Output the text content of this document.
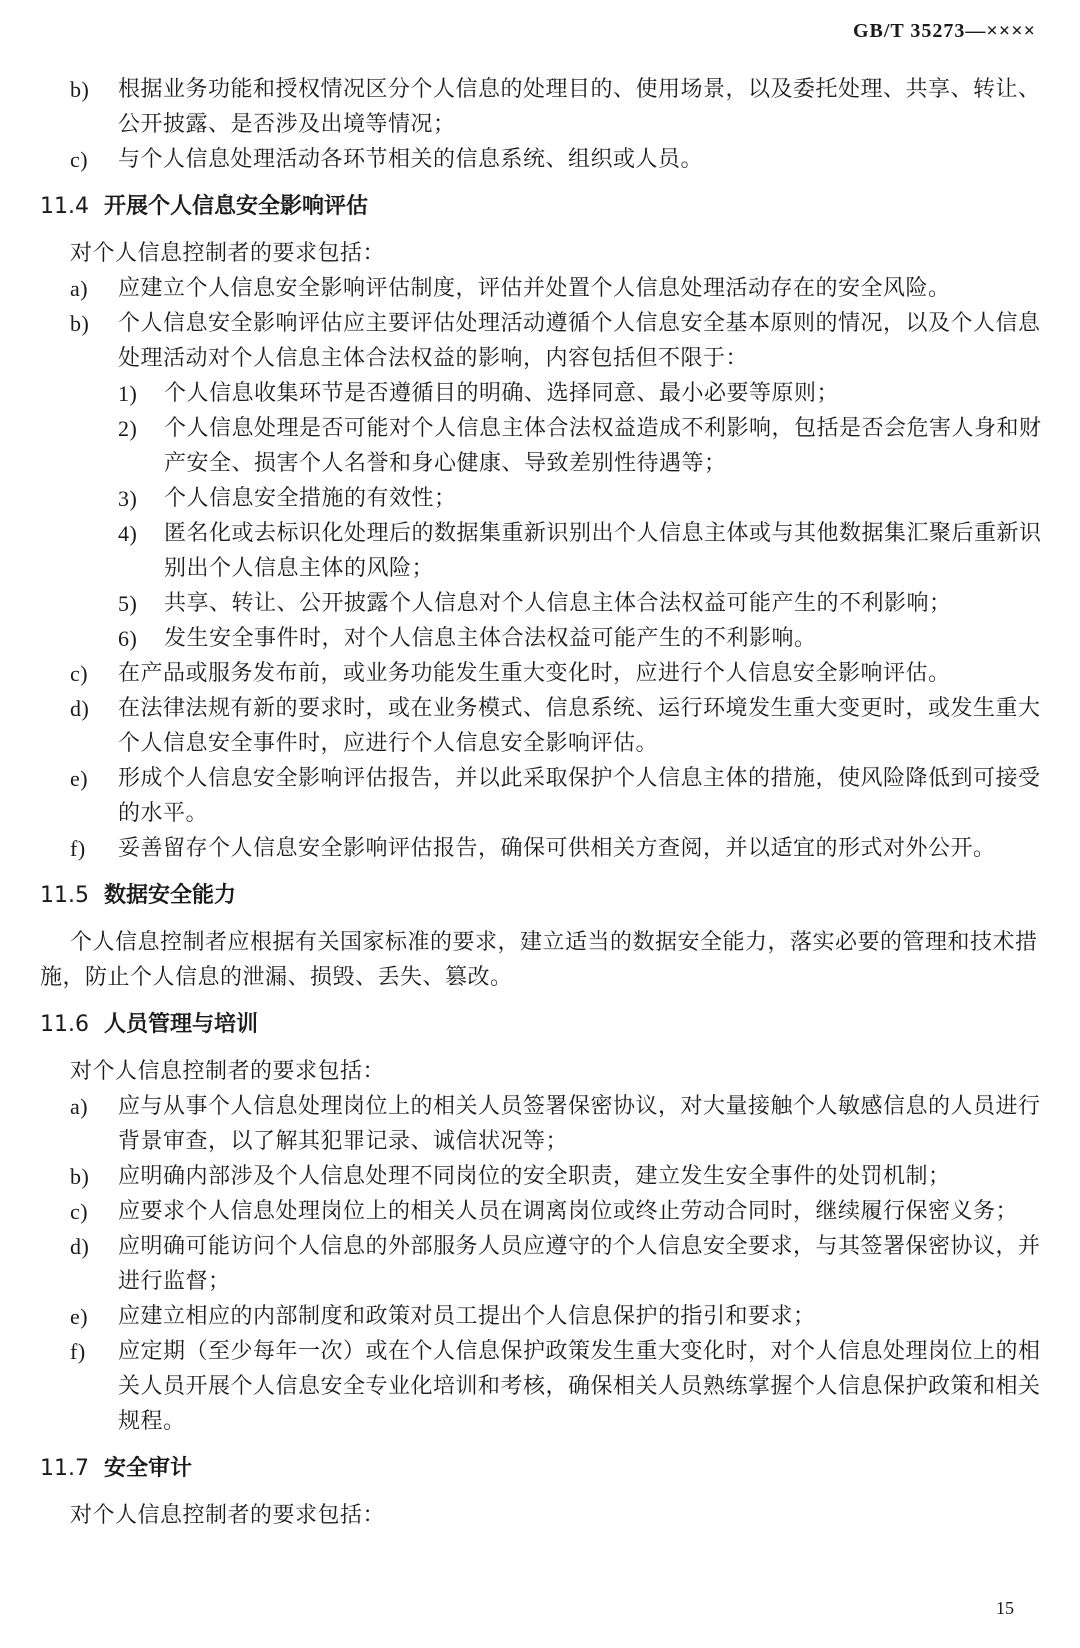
GB/T 35273—××××
b)	根据业务功能和授权情况区分个人信息的处理目的、使用场景，以及委托处理、共享、转让、公开披露、是否涉及出境等情况；
c)	与个人信息处理活动各环节相关的信息系统、组织或人员。
11.4 开展个人信息安全影响评估
对个人信息控制者的要求包括：
a)	应建立个人信息安全影响评估制度，评估并处置个人信息处理活动存在的安全风险。
b)	个人信息安全影响评估应主要评估处理活动遵循个人信息安全基本原则的情况，以及个人信息处理活动对个人信息主体合法权益的影响，内容包括但不限于：
1)	个人信息收集环节是否遵循目的明确、选择同意、最小必要等原则；
2)	个人信息处理是否可能对个人信息主体合法权益造成不利影响，包括是否会危害人身和财产安全、损害个人名誉和身心健康、导致差别性待遇等；
3)	个人信息安全措施的有效性；
4)	匿名化或去标识化处理后的数据集重新识别出个人信息主体或与其他数据集汇聚后重新识别出个人信息主体的风险；
5)	共享、转让、公开披露个人信息对个人信息主体合法权益可能产生的不利影响；
6)	发生安全事件时，对个人信息主体合法权益可能产生的不利影响。
c)	在产品或服务发布前，或业务功能发生重大变化时，应进行个人信息安全影响评估。
d)	在法律法规有新的要求时，或在业务模式、信息系统、运行环境发生重大变更时，或发生重大个人信息安全事件时，应进行个人信息安全影响评估。
e)	形成个人信息安全影响评估报告，并以此采取保护个人信息主体的措施，使风险降低到可接受的水平。
f)	妥善留存个人信息安全影响评估报告，确保可供相关方查阅，并以适宜的形式对外公开。
11.5 数据安全能力
个人信息控制者应根据有关国家标准的要求，建立适当的数据安全能力，落实必要的管理和技术措施，防止个人信息的泄漏、损毁、丢失、篡改。
11.6 人员管理与培训
对个人信息控制者的要求包括：
a)	应与从事个人信息处理岗位上的相关人员签署保密协议，对大量接触个人敏感信息的人员进行背景审查，以了解其犯罪记录、诚信状况等；
b)	应明确内部涉及个人信息处理不同岗位的安全职责，建立发生安全事件的处罚机制；
c)	应要求个人信息处理岗位上的相关人员在调离岗位或终止劳动合同时，继续履行保密义务；
d)	应明确可能访问个人信息的外部服务人员应遵守的个人信息安全要求，与其签署保密协议，并进行监督；
e)	应建立相应的内部制度和政策对员工提出个人信息保护的指引和要求；
f)	应定期（至少每年一次）或在个人信息保护政策发生重大变化时，对个人信息处理岗位上的相关人员开展个人信息安全专业化培训和考核，确保相关人员熟练掌握个人信息保护政策和相关规程。
11.7 安全审计
对个人信息控制者的要求包括：
15
